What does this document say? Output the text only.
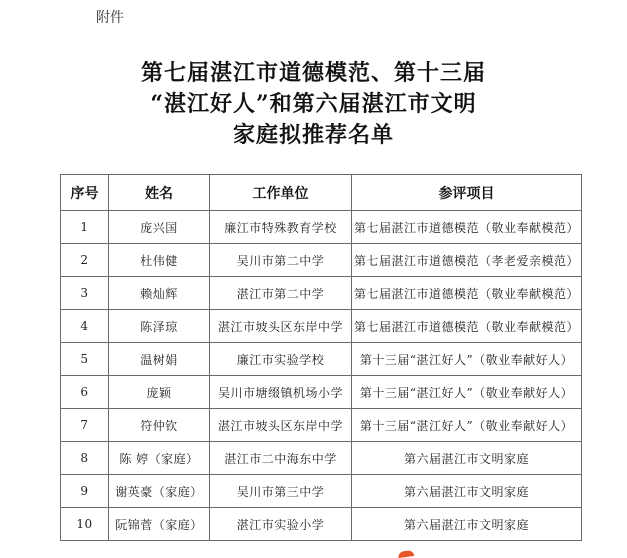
附件
第七届湛江市道德模范、第十三届
“湛江好人”和第六届湛江市文明
家庭拟推荐名单
序号	姓名	工作单位	参评项目
1	庞兴国	廉江市特殊教育学校	第七届湛江市道德模范（敬业奉献模范）
2	杜伟健	吴川市第二中学	第七届湛江市道德模范（孝老爱亲模范）
3	赖灿辉	湛江市第二中学	第七届湛江市道德模范（敬业奉献模范）
4	陈泽琼	湛江市坡头区东岸中学	第七届湛江市道德模范（敬业奉献模范）
5	温树娟	廉江市实验学校	第十三届“湛江好人”（敬业奉献好人）
6	庞颖	吴川市塘缀镇机场小学	第十三届“湛江好人”（敬业奉献好人）
7	符仲钦	湛江市坡头区东岸中学	第十三届“湛江好人”（敬业奉献好人）
8	陈 婷（家庭）	湛江市二中海东中学	第六届湛江市文明家庭
9	谢英豪（家庭）	吴川市第三中学	第六届湛江市文明家庭
10	阮锦菅（家庭）	湛江市实验小学	第六届湛江市文明家庭
